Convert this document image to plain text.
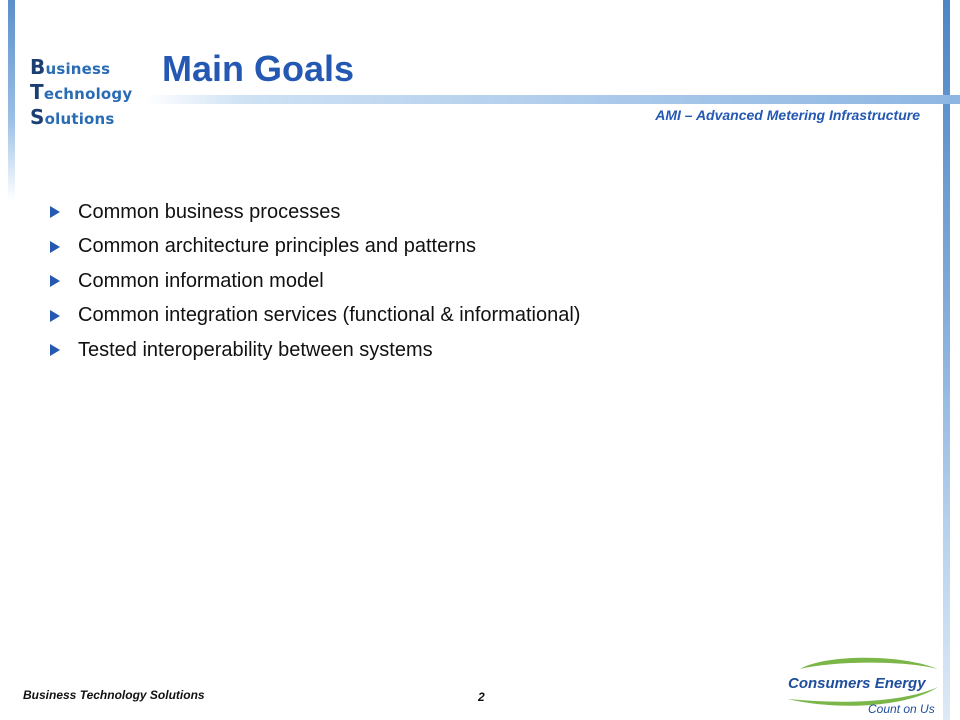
Business
Technology
Solutions
Main Goals
AMI – Advanced Metering Infrastructure
Common business processes
Common architecture principles and patterns
Common information model
Common integration services (functional & informational)
Tested interoperability between systems
Business Technology Solutions	2
Consumers Energy
Count on Us
